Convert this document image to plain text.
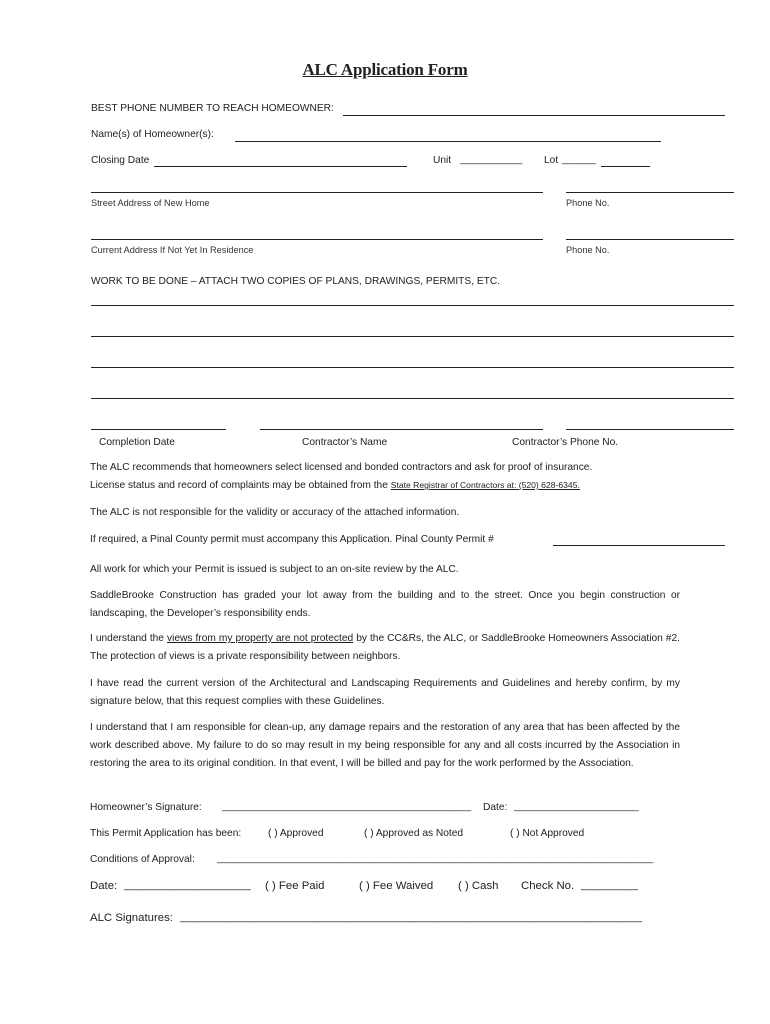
ALC Application Form
BEST PHONE NUMBER TO REACH HOMEOWNER:
Name(s) of Homeowner(s):
Closing Date	Unit ___________ Lot ______
Street Address of New Home	Phone No.
Current Address If Not Yet In Residence	Phone No.
WORK TO BE DONE – ATTACH TWO COPIES OF PLANS, DRAWINGS, PERMITS, ETC.
Completion Date	Contractor’s Name	Contractor’s Phone No.
The ALC recommends that homeowners select licensed and bonded contractors and ask for proof of insurance.
License status and record of complaints may be obtained from the State Registrar of Contractors at: (520) 628-6345.
The ALC is not responsible for the validity or accuracy of the attached information.
If required, a Pinal County permit must accompany this Application. Pinal County Permit #
All work for which your Permit is issued is subject to an on-site review by the ALC.
SaddleBrooke Construction has graded your lot away from the building and to the street. Once you begin construction or landscaping, the Developer’s responsibility ends.
I understand the views from my property are not protected by the CC&Rs, the ALC, or SaddleBrooke Homeowners Association #2. The protection of views is a private responsibility between neighbors.
I have read the current version of the Architectural and Landscaping Requirements and Guidelines and hereby confirm, by my signature below, that this request complies with these Guidelines.
I understand that I am responsible for clean-up, any damage repairs and the restoration of any area that has been affected by the work described above. My failure to do so may result in my being responsible for any and all costs incurred by the Association in restoring the area to its original condition. In that event, I will be billed and pay for the work performed by the Association.
Homeowner’s Signature: ____________________________________________ Date: ______________________
This Permit Application has been:	( ) Approved	( ) Approved as Noted	( ) Not Approved
Conditions of Approval: _____________________________________________________________________________
Date: ____________________ ( ) Fee Paid	( ) Fee Waived ( ) Cash Check No. _________
ALC Signatures: _____________________________________ ____________________________________
